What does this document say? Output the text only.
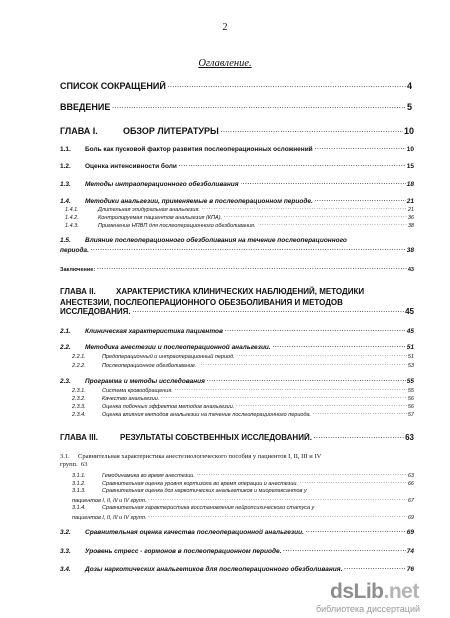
2
Оглавление.
СПИСОК СОКРАЩЕНИЙ .....	4
ВВЕДЕНИЕ .....	5
ГЛАВА I.	ОБЗОР ЛИТЕРАТУРЫ .....	10
1.1. Боль как пусковой фактор развития послеоперационных осложнений .....	10
1.2. Оценка интенсивности боли .....	15
1.3. Методы интраоперационного обезболивания .....	18
1.4. Методики анальгезии, применяемые в послеоперационном периоде. .....	21
1.4.1.	Длительная эпидуральная анальгезия. .....	21
1.4.2.	Контролируемая пациентом анальгезия (КПА). .....	36
1.4.3.	Применение НПВП для послеоперационного обезболивания. .....	38
1.5. Влияние послеоперационного обезболивания на течение послеоперационного
периода. .....	38
Заключение: .....	43
ГЛАВА II.	ХАРАКТЕРИСТИКА КЛИНИЧЕСКИХ НАБЛЮДЕНИЙ, МЕТОДИКИ
АНЕСТЕЗИИ, ПОСЛЕОПЕРАЦИОННОГО ОБЕЗБОЛИВАНИЯ И МЕТОДОВ
ИССЛЕДОВАНИЯ. .....	45
2.1. Клиническая характеристика пациентов .....	45
2.2. Методика анестезии и послеоперационной анальгезии. .....	51
2.2.1.	Предоперационный и интраоперационный период. .....	51
2.2.2.	Послеоперационное обезболивание. .....	53
2.3. Программа и методы исследования .....	55
2.3.1.	Система кровообращения. .....	55
2.3.2.	Качество анальгезии. .....	56
2.3.3.	Оценка побочных эффектов методов анальгезии. .....	56
2.3.4.	Оценка влияния методов анальгезии на течение послеоперационного периода. .....	57
ГЛАВА III.	РЕЗУЛЬТАТЫ СОБСТВЕННЫХ ИССЛЕДОВАНИЙ. .....	63
3.1. Сравнительная характеристика анестезиологического пособия у пациентов I, II, III и IV
групп. 63
3.1.1.	Гемодинамика во время анестезии. .....	63
3.1.2.	Сравнительная оценка уровня кортизола во время операции и анестезии. .....	66
3.1.3.	Сравнительная оценка доз наркотических анальгетиков и миорелаксантов у
пациентов I, II, III и IV групп. .....	67
3.1.4.	Сравнительная характеристика восстановления нейропсихического статуса у
пациентов I, II, III и IV групп. .....	69
3.2. Сравнительная оценка качества послеоперационной анальгезии. .....	69
3.3. Уровень стресс - гормонов в послеоперационном периоде. .....	74
3.4. Дозы наркотических анальгетиков для послеоперационного обезболивания. .....	76
dsLib.net
библиотека диссертаций
